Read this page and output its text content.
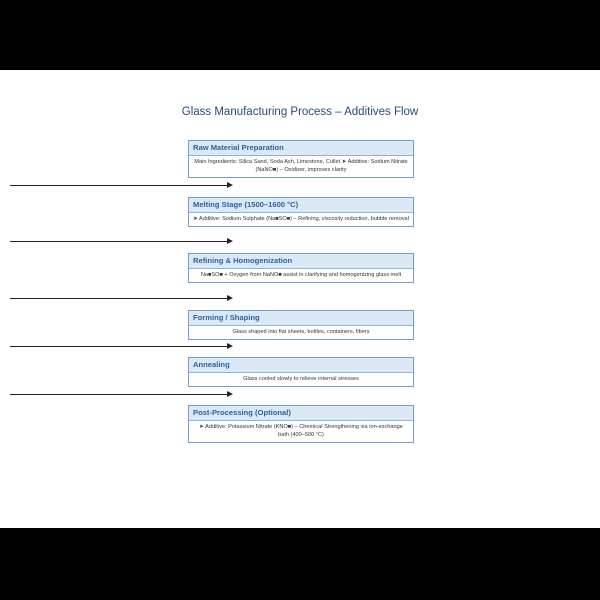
Glass Manufacturing Process – Additives Flow
Raw Material Preparation
Main Ingredients: Silica Sand, Soda Ash, Limestone, Cullet ➤ Additive: Sodium Nitrate (NaNO■) – Oxidizer, improves clarity
Melting Stage (1500–1600 °C)
➤ Additive: Sodium Sulphate (Na■SO■) – Refining, viscosity reduction, bubble removal
Refining & Homogenization
Na■SO■ + Oxygen from NaNO■ assist in clarifying and homogenizing glass melt
Forming / Shaping
Glass shaped into flat sheets, bottles, containers, fibers
Annealing
Glass cooled slowly to relieve internal stresses
Post-Processing (Optional)
➤ Additive: Potassium Nitrate (KNO■) – Chemical Strengthening via ion-exchange bath (400–500 °C)
